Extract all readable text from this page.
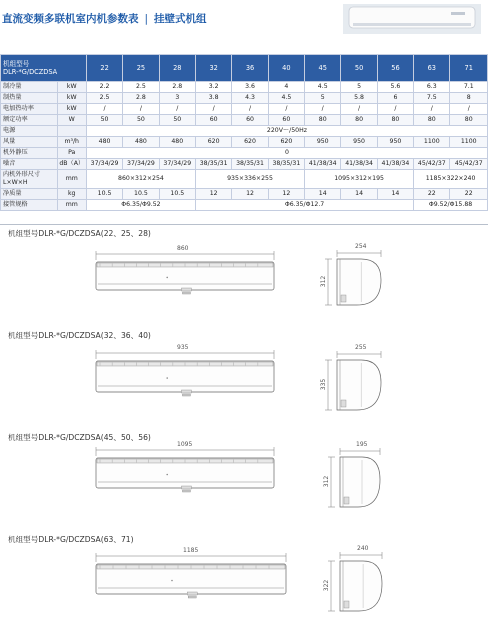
直流变频多联机室内机参数表 | 挂壁式机组
机组型号
DLR-*G/DCZDSA		22	25	28	32	36	40	45	50	56	63	71
制冷量	kW	2.2	2.5	2.8	3.2	3.6	4	4.5	5	5.6	6.3	7.1
制热量	kW	2.5	2.8	3	3.8	4.3	4.5	5	5.8	6	7.5	8
电加热功率	kW	/	/	/	/	/	/	/	/	/	/	/
额定功率	W	50	50	50	60	60	60	80	80	80	80	80
电源		220V～/50Hz										
风量	m³/h	480	480	480	620	620	620	950	950	950	1100	1100
机外静压	Pa	0										
噪音	dB（A）	37/34/29	37/34/29	37/34/29	38/35/31	38/35/31	38/35/31	41/38/34	41/38/34	41/38/34	45/42/37	45/42/37
内机外形尺寸
L×W×H	mm	860×312×254			935×336×255			1095×312×195			1185×322×240	
净质量	kg	10.5	10.5	10.5	12	12	12	14	14	14	22	22
接管规格	mm	Φ6.35/Φ9.52			Φ6.35/Φ12.7						Φ9.52/Φ15.88	
机组型号DLR-*G/DCZDSA(22、25、28)
860	254
312
机组型号DLR-*G/DCZDSA(32、36、40)
935	255
335
机组型号DLR-*G/DCZDSA(45、50、56)
1095	195
312
机组型号DLR-*G/DCZDSA(63、71)
1185	240
322
